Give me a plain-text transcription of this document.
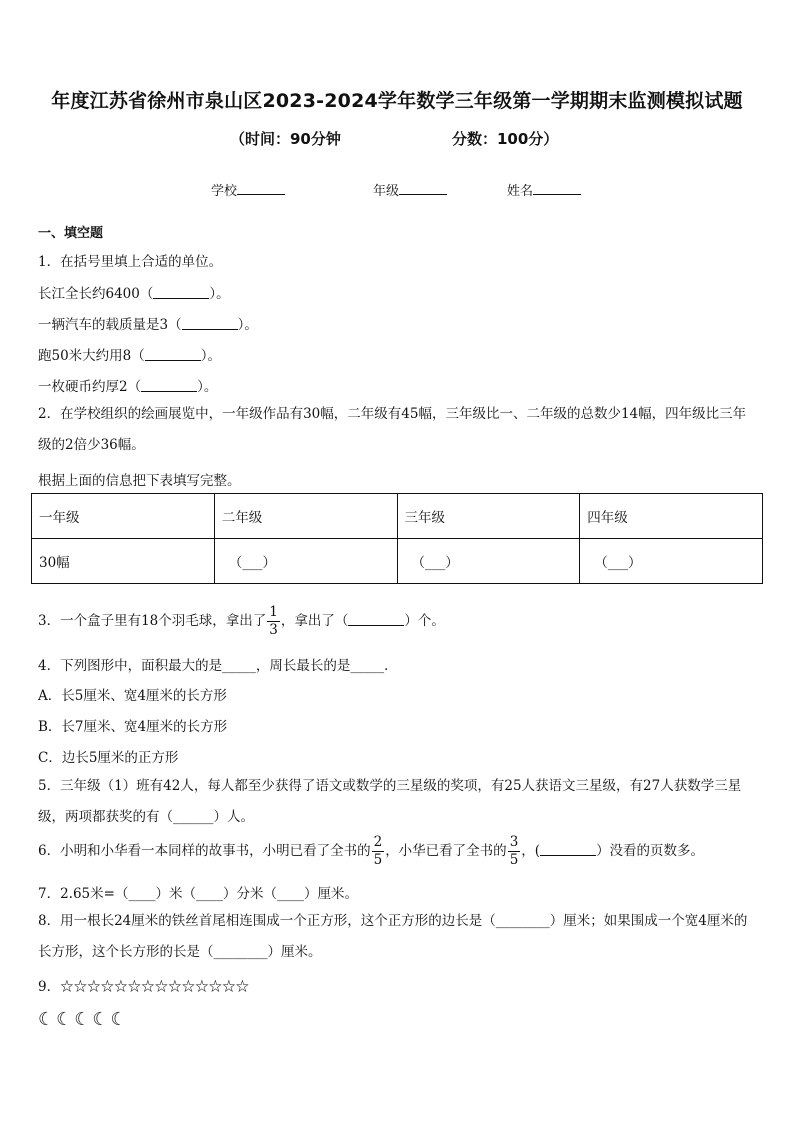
年度江苏省徐州市泉山区2023-2024学年数学三年级第一学期期末监测模拟试题
（时间：90分钟	分数：100分）
学校	年级	姓名
一、填空题
1．在括号里填上合适的单位。
长江全长约6400（	）。
一辆汽车的载质量是3（	）。
跑50米大约用8（	）。
一枚硬币约厚2（	）。
2．在学校组织的绘画展览中，一年级作品有30幅，二年级有45幅，三年级比一、二年级的总数少14幅，四年级比三年级的2倍少36幅。
根据上面的信息把下表填写完整。
一年级	二年级	三年级	四年级
30幅	（___）	（___）	（___）
3．一个盒子里有18个羽毛球，拿出了 $\frac{1}{3}$ ，拿出了（	）个。
4．下列图形中，面积最大的是_____，周长最长的是_____．
A．长5厘米、宽4厘米的长方形
B．长7厘米、宽4厘米的长方形
C．边长5厘米的正方形
5．三年级（1）班有42人，每人都至少获得了语文或数学的三星级的奖项，有25人获语文三星级，有27人获数学三星级，两项都获奖的有（______）人。
6．小明和小华看一本同样的故事书，小明已看了全书的 $\frac{2}{5}$ ，小华已看了全书的 $\frac{3}{5}$ ，(	）没看的页数多。
7．2.65米=（____）米（____）分米（____）厘米。
8．用一根长24厘米的铁丝首尾相连围成一个正方形，这个正方形的边长是（________）厘米；如果围成一个宽4厘米的长方形，这个长方形的长是（________）厘米。
9．☆☆☆☆☆☆☆☆☆☆☆☆☆☆
☾☾☾☾☾
